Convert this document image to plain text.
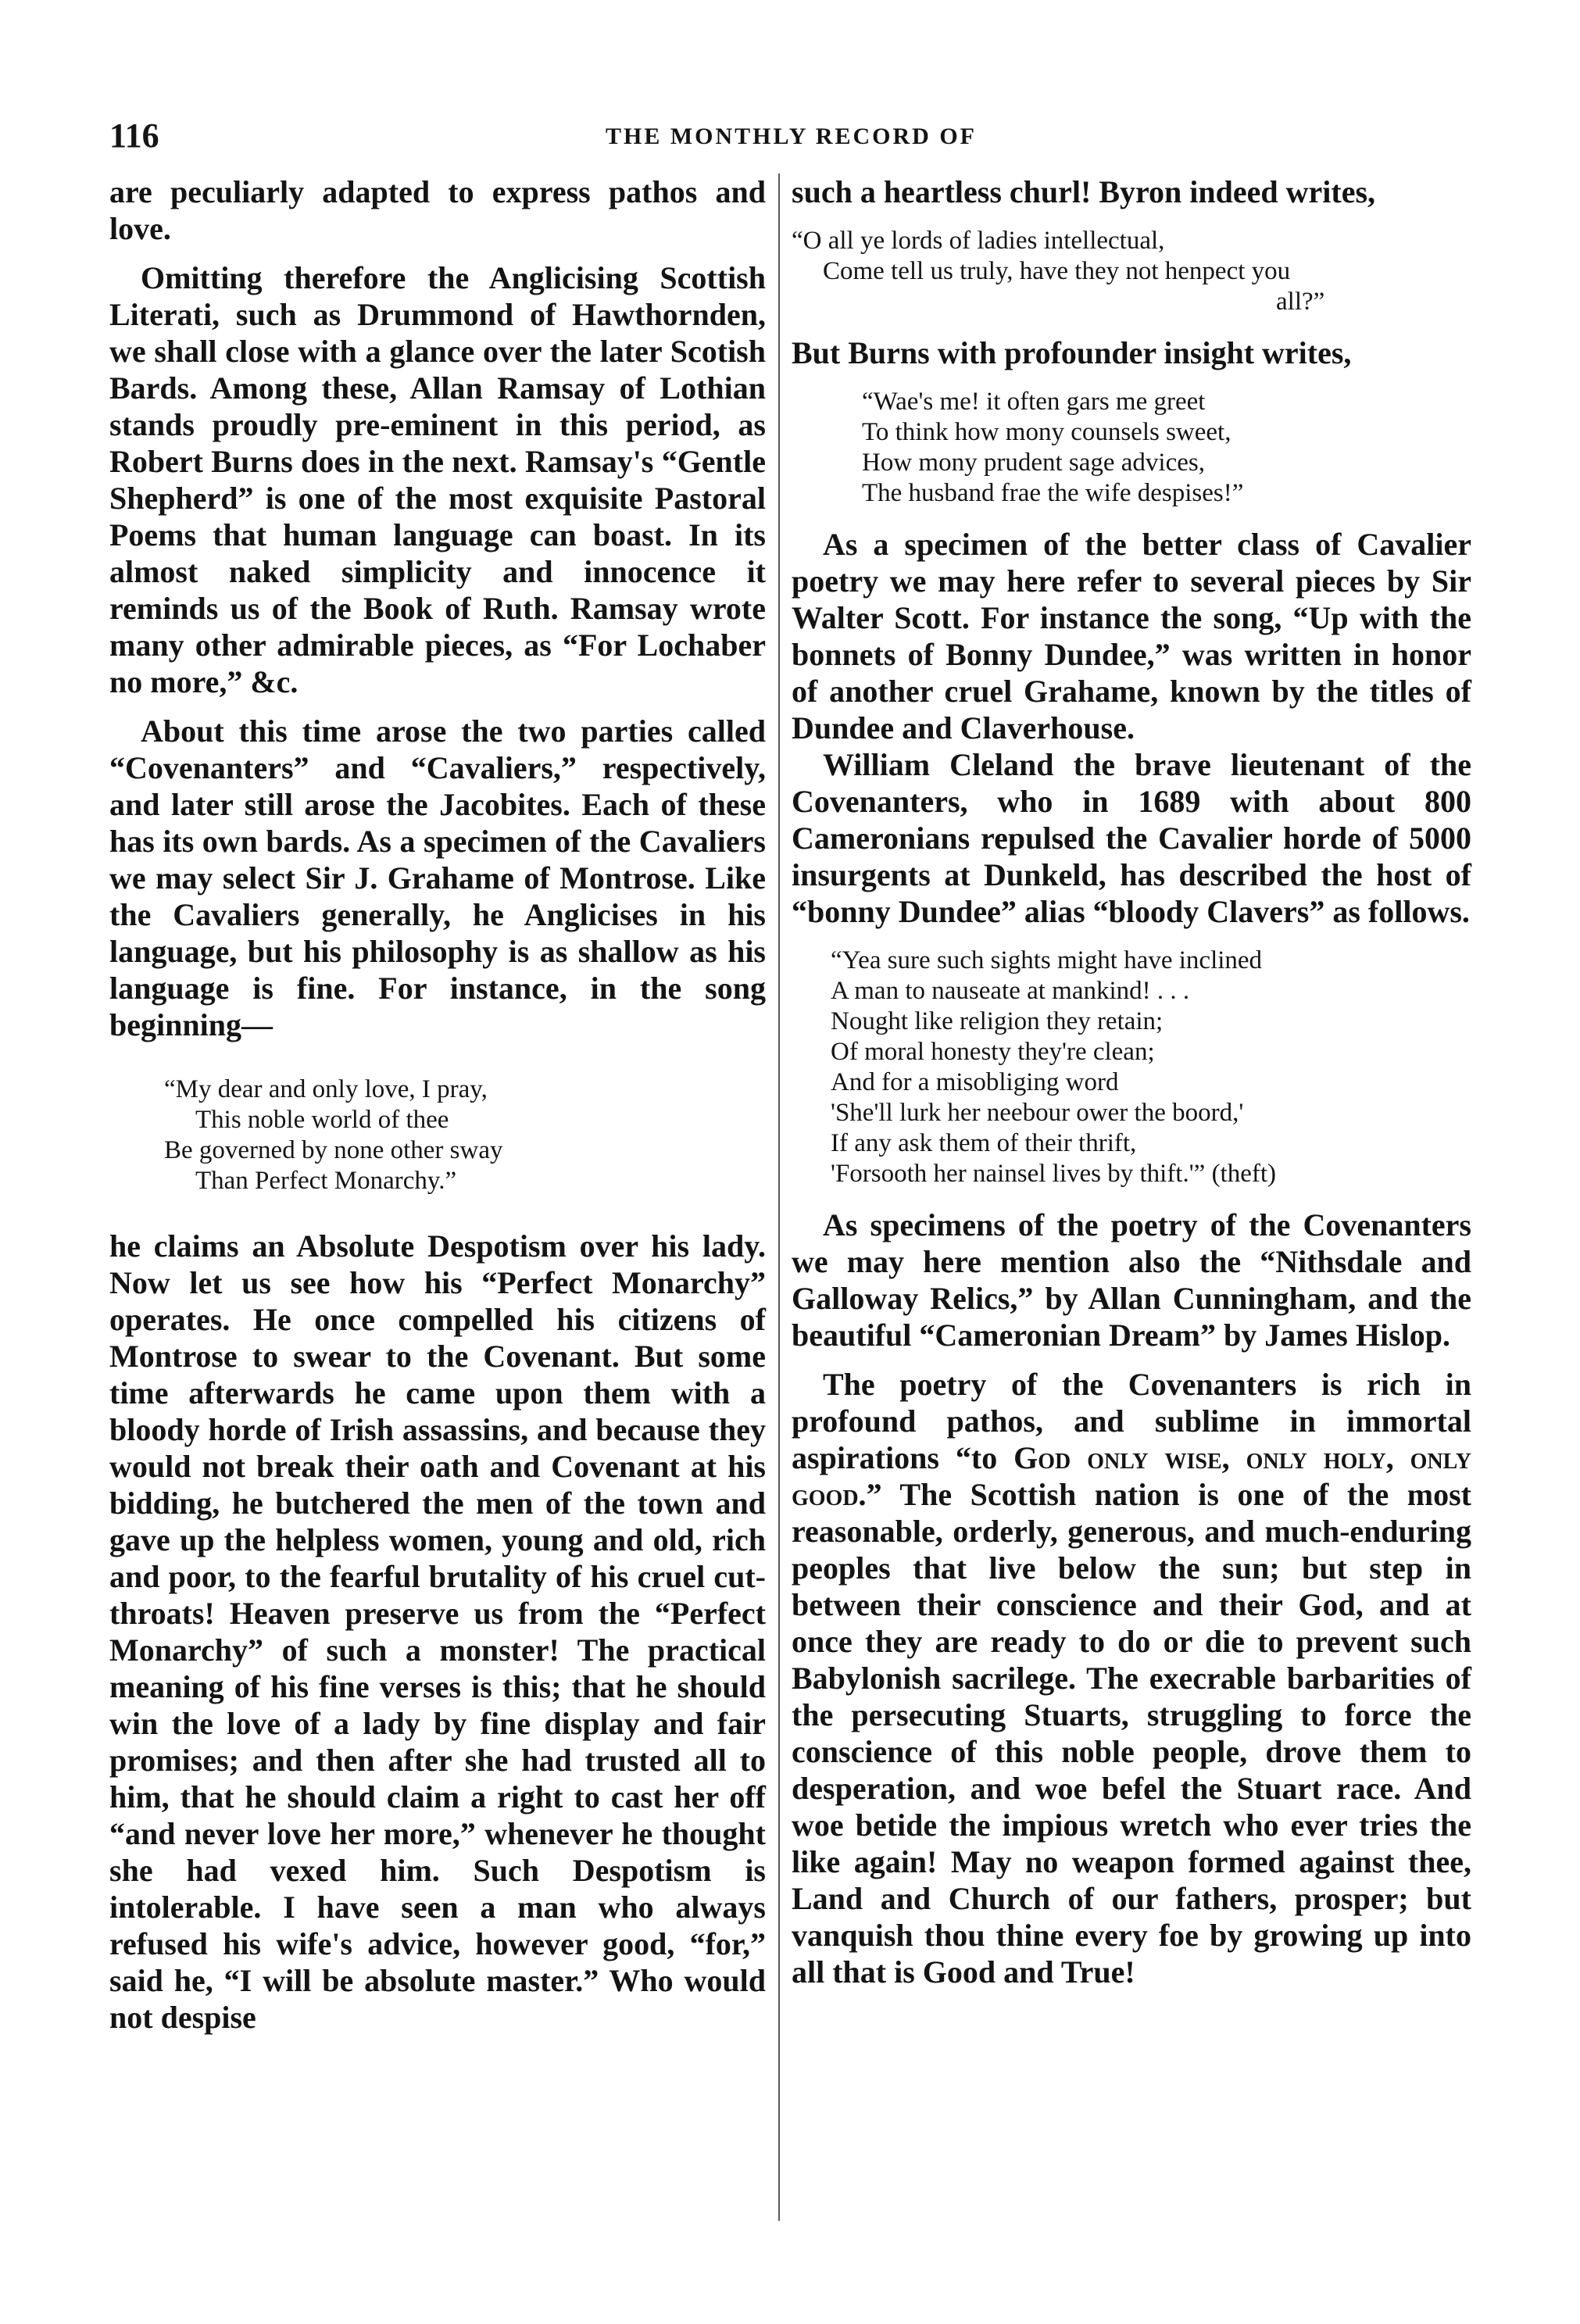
116	THE MONTHLY RECORD OF

are peculiarly adapted to express pathos and love.

Omitting therefore the Anglicising Scottish Literati, such as Drummond of Hawthornden, we shall close with a glance over the later Scotish Bards. Among these, Allan Ramsay of Lothian stands proudly pre-eminent in this period, as Robert Burns does in the next. Ramsay's “Gentle Shepherd” is one of the most exquisite Pastoral Poems that human language can boast. In its almost naked simplicity and innocence it reminds us of the Book of Ruth. Ramsay wrote many other admirable pieces, as “For Lochaber no more,” &c.

About this time arose the two parties called “Covenanters” and “Cavaliers,” respectively, and later still arose the Jacobites. Each of these has its own bards. As a specimen of the Cavaliers we may select Sir J. Grahame of Montrose. Like the Cavaliers generally, he Anglicises in his language, but his philosophy is as shallow as his language is fine. For instance, in the song beginning—

“My dear and only love, I pray,
This noble world of thee
Be governed by none other sway
Than Perfect Monarchy.”

he claims an Absolute Despotism over his lady. Now let us see how his “Perfect Monarchy” operates. He once compelled his citizens of Montrose to swear to the Covenant. But some time afterwards he came upon them with a bloody horde of Irish assassins, and because they would not break their oath and Covenant at his bidding, he butchered the men of the town and gave up the helpless women, young and old, rich and poor, to the fearful brutality of his cruel cut-throats! Heaven preserve us from the “Perfect Monarchy” of such a monster! The practical meaning of his fine verses is this; that he should win the love of a lady by fine display and fair promises; and then after she had trusted all to him, that he should claim a right to cast her off “and never love her more,” whenever he thought she had vexed him. Such Despotism is intolerable. I have seen a man who always refused his wife's advice, however good, “for,” said he, “I will be absolute master.” Who would not despise

such a heartless churl! Byron indeed writes,

“O all ye lords of ladies intellectual,
Come tell us truly, have they not henpect you
all?”

But Burns with profounder insight writes,

“Wae's me! it often gars me greet
To think how mony counsels sweet,
How mony prudent sage advices,
The husband frae the wife despises!”

As a specimen of the better class of Cavalier poetry we may here refer to several pieces by Sir Walter Scott. For instance the song, “Up with the bonnets of Bonny Dundee,” was written in honor of another cruel Grahame, known by the titles of Dundee and Claverhouse.

William Cleland the brave lieutenant of the Covenanters, who in 1689 with about 800 Cameronians repulsed the Cavalier horde of 5000 insurgents at Dunkeld, has described the host of “bonny Dundee” alias “bloody Clavers” as follows.

“Yea sure such sights might have inclined
A man to nauseate at mankind! . . .
Nought like religion they retain;
Of moral honesty they're clean;
And for a misobliging word
'She'll lurk her neebour ower the boord,'
If any ask them of their thrift,
'Forsooth her nainsel lives by thift.'” (theft)

As specimens of the poetry of the Covenanters we may here mention also the “Nithsdale and Galloway Relics,” by Allan Cunningham, and the beautiful “Cameronian Dream” by James Hislop.

The poetry of the Covenanters is rich in profound pathos, and sublime in immortal aspirations “to God only wise, only holy, only good.” The Scottish nation is one of the most reasonable, orderly, generous, and much-enduring peoples that live below the sun; but step in between their conscience and their God, and at once they are ready to do or die to prevent such Babylonish sacrilege. The execrable barbarities of the persecuting Stuarts, struggling to force the conscience of this noble people, drove them to desperation, and woe befel the Stuart race. And woe betide the impious wretch who ever tries the like again! May no weapon formed against thee, Land and Church of our fathers, prosper; but vanquish thou thine every foe by growing up into all that is Good and True!
